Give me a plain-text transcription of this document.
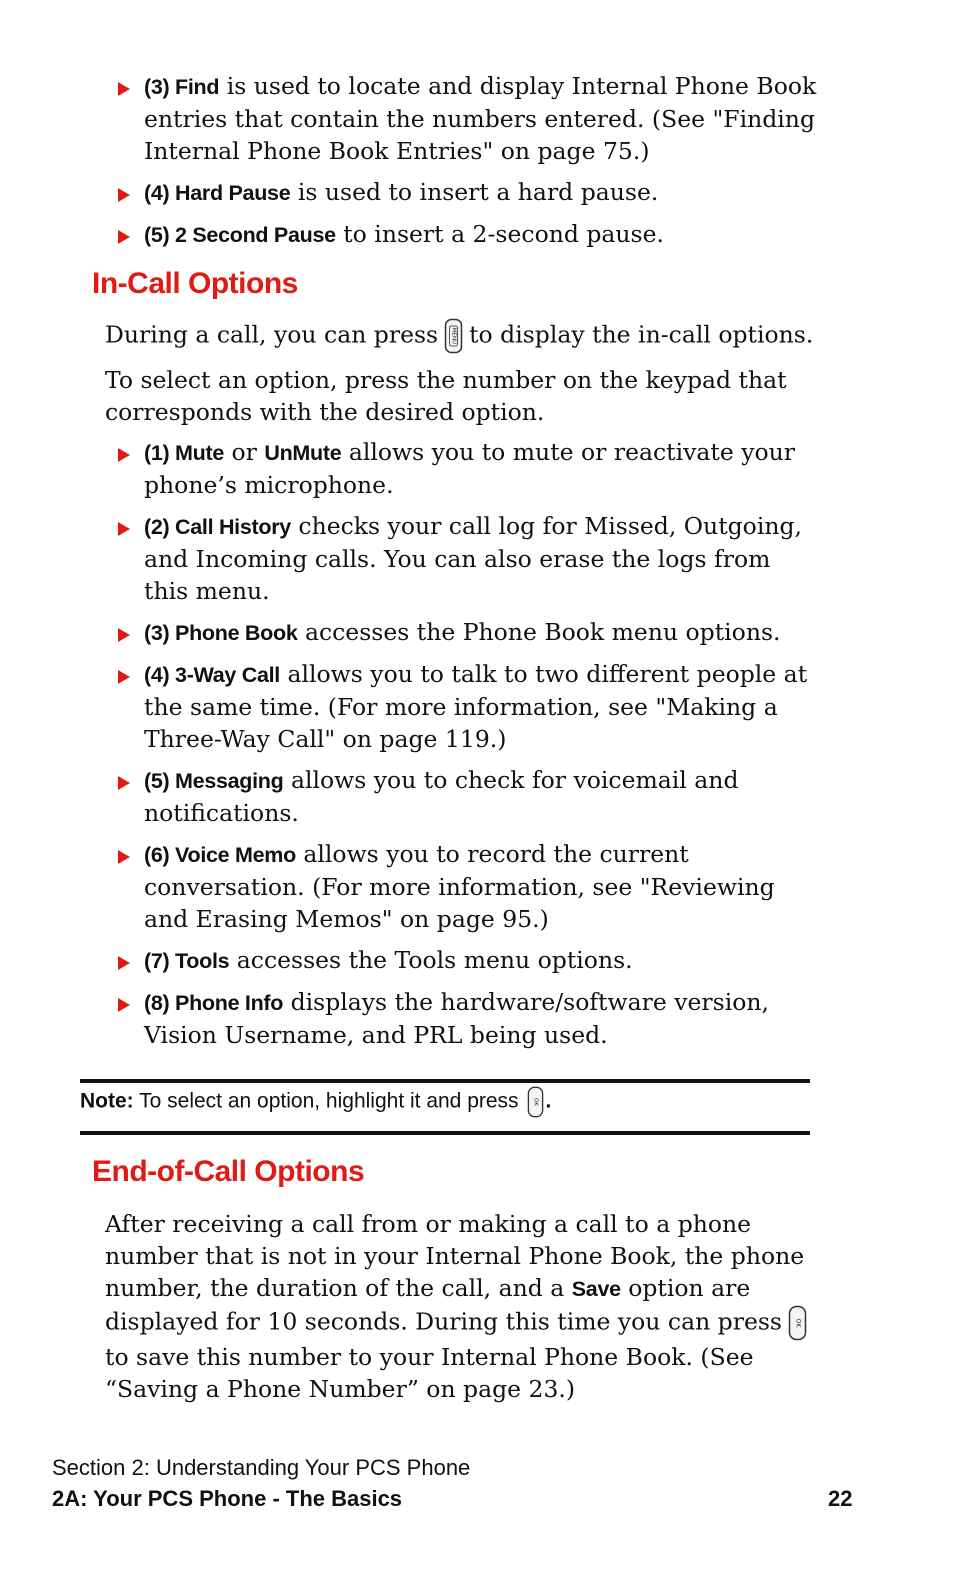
(3) Find is used to locate and display Internal Phone Book entries that contain the numbers entered. (See "Finding Internal Phone Book Entries" on page 75.)
(4) Hard Pause is used to insert a hard pause.
(5) 2 Second Pause to insert a 2-second pause.
In-Call Options

During a call, you can press MENU to display the in-call options.

To select an option, press the number on the keypad that corresponds with the desired option.

(1) Mute or UnMute allows you to mute or reactivate your phone’s microphone.
(2) Call History checks your call log for Missed, Outgoing, and Incoming calls. You can also erase the logs from this menu.
(3) Phone Book accesses the Phone Book menu options.
(4) 3-Way Call allows you to talk to two different people at the same time. (For more information, see "Making a Three-Way Call" on page 119.)
(5) Messaging allows you to check for voicemail and notifications.
(6) Voice Memo allows you to record the current conversation. (For more information, see "Reviewing and Erasing Memos" on page 95.)
(7) Tools accesses the Tools menu options.
(8) Phone Info displays the hardware/software version, Vision Username, and PRL being used.
Note: To select an option, highlight it and press OK .
End-of-Call Options

After receiving a call from or making a call to a phone number that is not in your Internal Phone Book, the phone number, the duration of the call, and a Save option are displayed for 10 seconds. During this time you can press OK
to save this number to your Internal Phone Book. (See “Saving a Phone Number” on page 23.)

Section 2: Understanding Your PCS Phone
2A: Your PCS Phone - The Basics	22
